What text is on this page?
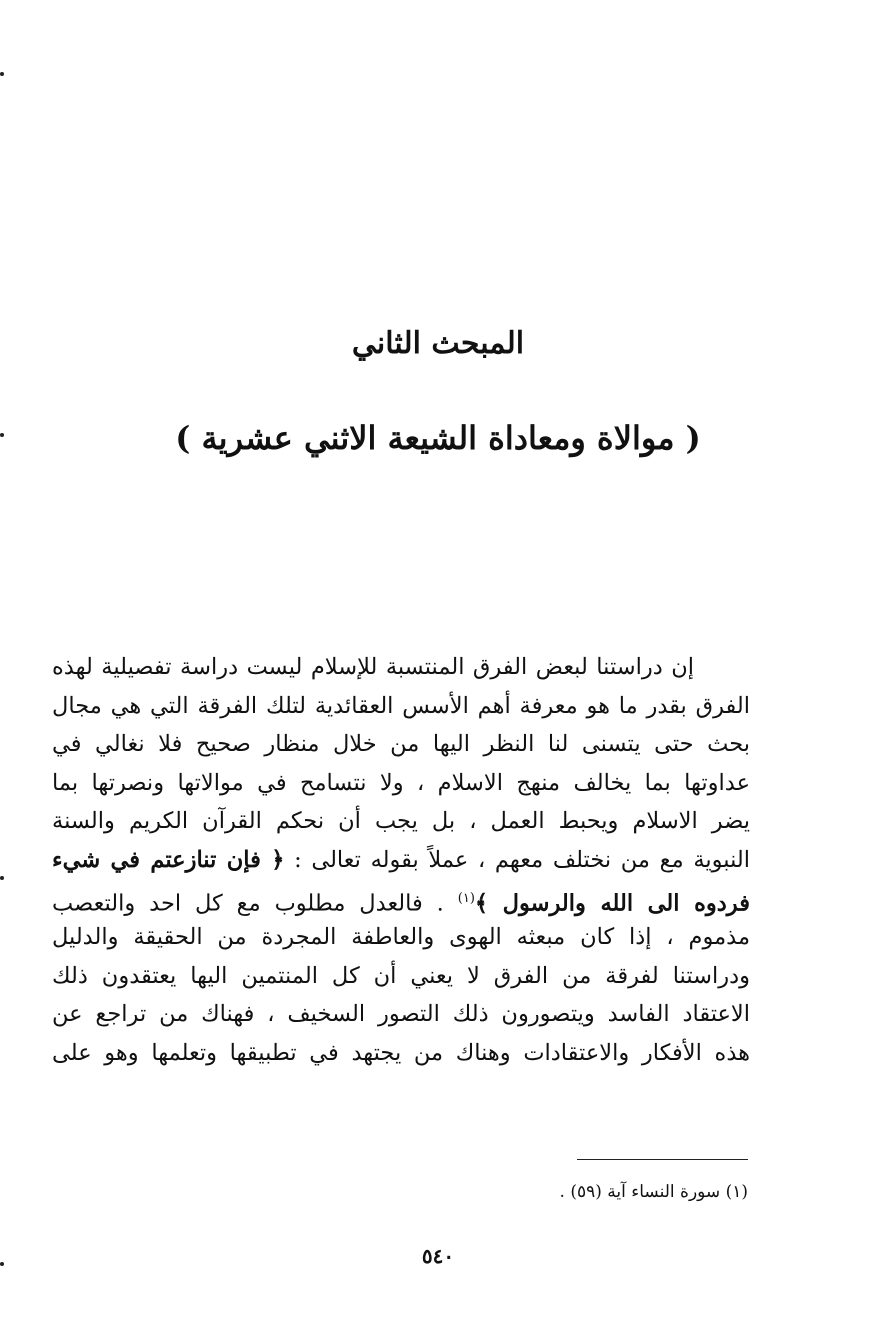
المبحث الثاني
( موالاة ومعاداة الشيعة الاثني عشرية )
إن دراستنا لبعض الفرق المنتسبة للإسلام ليست دراسة تفصيلية لهذه
الفرق بقدر ما هو معرفة أهم الأسس العقائدية لتلك الفرقة التي هي مجال
بحث حتى يتسنى لنا النظر اليها من خلال منظار صحيح فلا نغالي في
عداوتها بما يخالف منهج الاسلام ، ولا نتسامح في موالاتها ونصرتها بما
يضر الاسلام ويحبط العمل ، بل يجب أن نحكم القرآن الكريم والسنة
النبوية مع من نختلف معهم ، عملاً بقوله تعالى : ﴿ فإن تنازعتم في شيء
فردوه الى الله والرسول ﴾$^{(١)}$ . فالعدل مطلوب مع كل احد والتعصب
مذموم ، إذا كان مبعثه الهوى والعاطفة المجردة من الحقيقة والدليل
ودراستنا لفرقة من الفرق لا يعني أن كل المنتمين اليها يعتقدون ذلك
الاعتقاد الفاسد ويتصورون ذلك التصور السخيف ، فهناك من تراجع عن
هذه الأفكار والاعتقادات وهناك من يجتهد في تطبيقها وتعلمها وهو على
(١) سورة النساء آية (٥٩) .
٥٤٠
